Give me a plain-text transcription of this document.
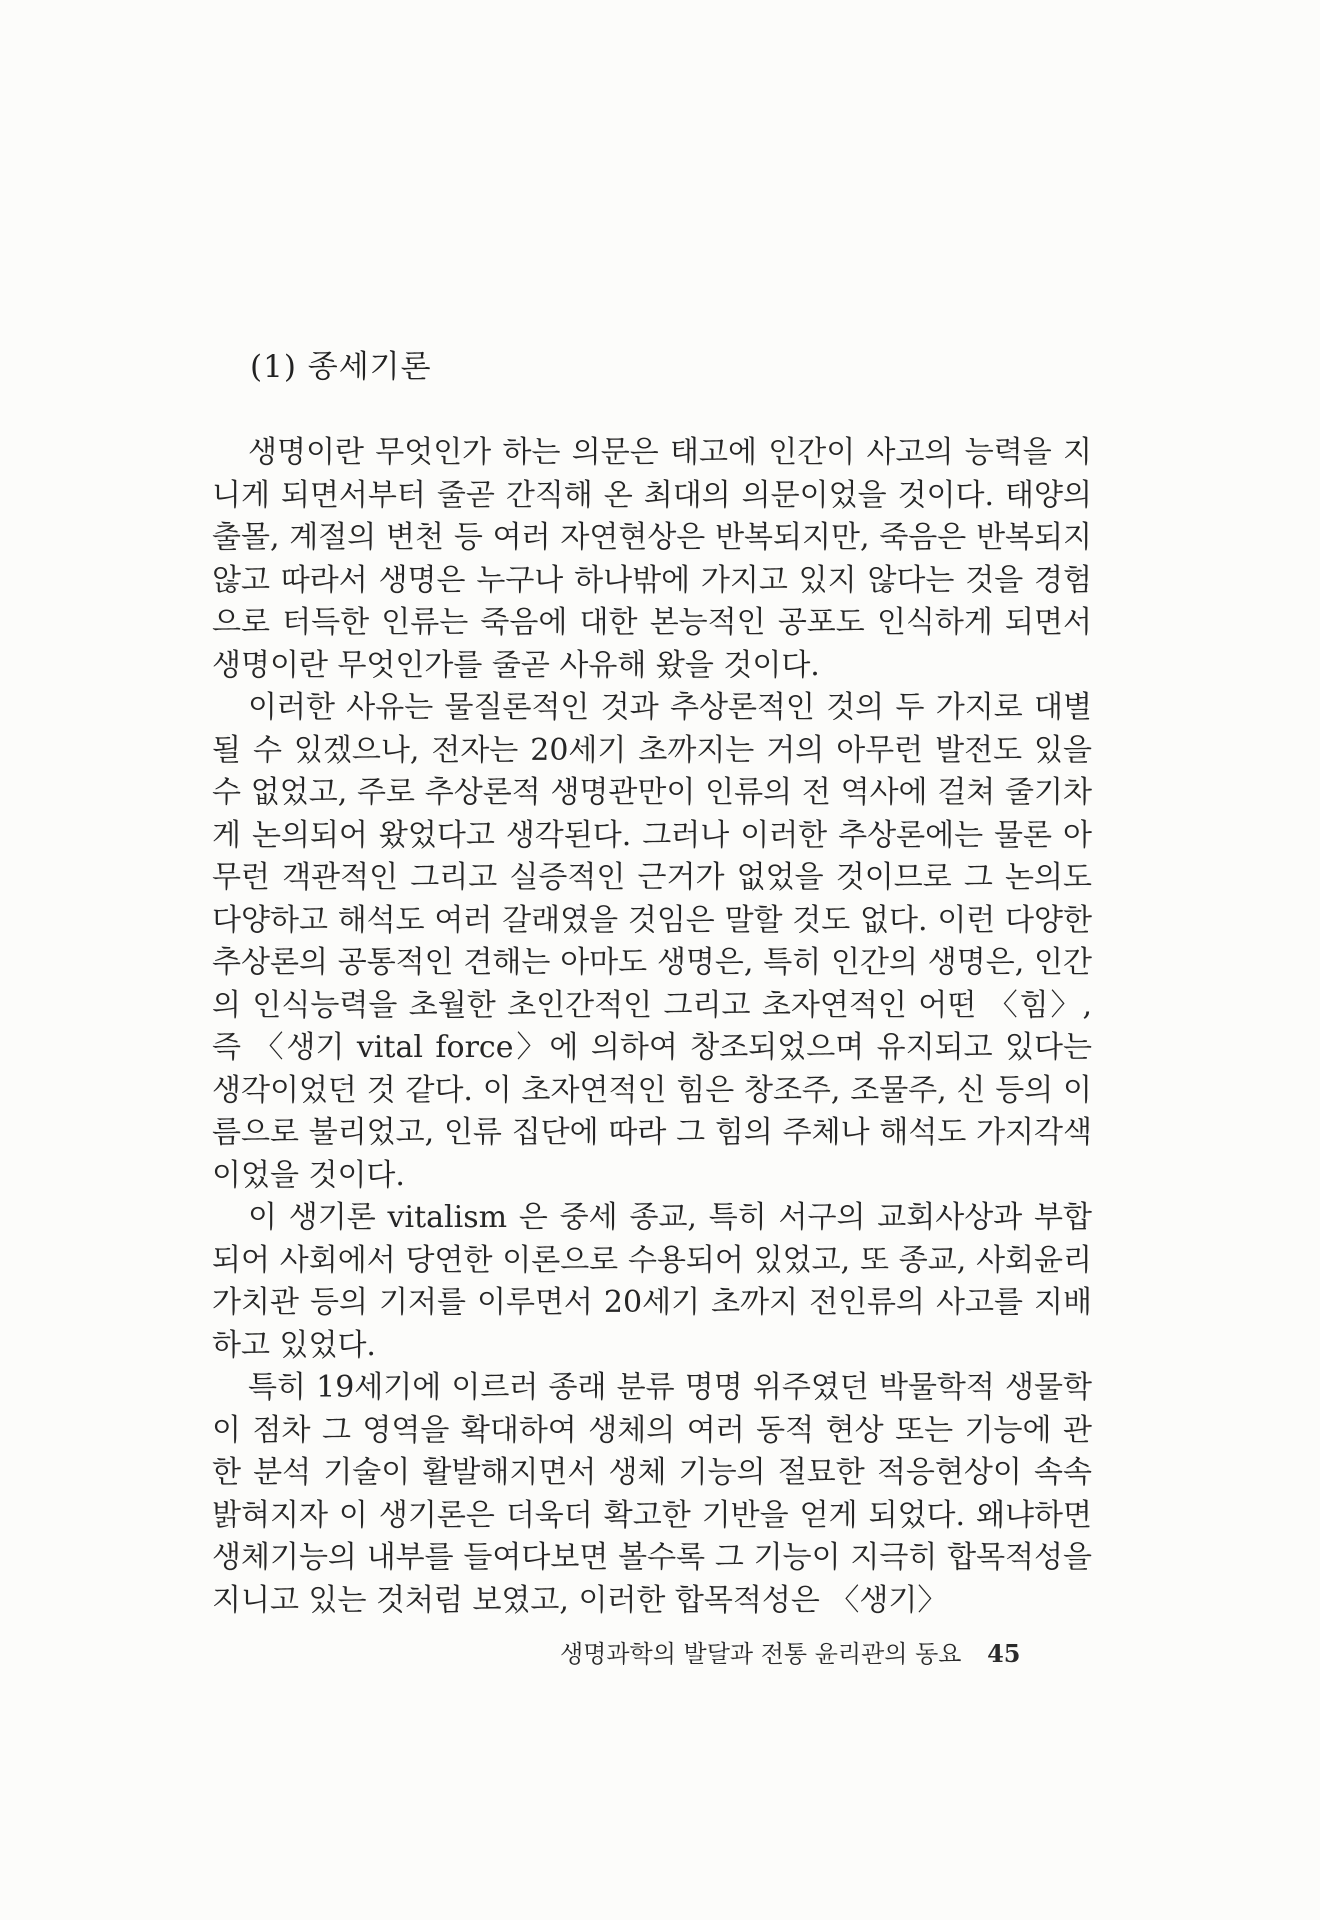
(1) 종세기론

생명이란 무엇인가 하는 의문은 태고에 인간이 사고의 능력을 지니게 되면서부터 줄곧 간직해 온 최대의 의문이었을 것이다. 태양의 출몰, 계절의 변천 등 여러 자연현상은 반복되지만, 죽음은 반복되지 않고 따라서 생명은 누구나 하나밖에 가지고 있지 않다는 것을 경험으로 터득한 인류는 죽음에 대한 본능적인 공포도 인식하게 되면서 생명이란 무엇인가를 줄곧 사유해 왔을 것이다.

이러한 사유는 물질론적인 것과 추상론적인 것의 두 가지로 대별될 수 있겠으나, 전자는 20세기 초까지는 거의 아무런 발전도 있을 수 없었고, 주로 추상론적 생명관만이 인류의 전 역사에 걸쳐 줄기차게 논의되어 왔었다고 생각된다. 그러나 이러한 추상론에는 물론 아무런 객관적인 그리고 실증적인 근거가 없었을 것이므로 그 논의도 다양하고 해석도 여러 갈래였을 것임은 말할 것도 없다. 이런 다양한 추상론의 공통적인 견해는 아마도 생명은, 특히 인간의 생명은, 인간의 인식능력을 초월한 초인간적인 그리고 초자연적인 어떤 〈힘〉, 즉 〈생기 vital force〉에 의하여 창조되었으며 유지되고 있다는 생각이었던 것 같다. 이 초자연적인 힘은 창조주, 조물주, 신 등의 이름으로 불리었고, 인류 집단에 따라 그 힘의 주체나 해석도 가지각색이었을 것이다.

이 생기론 vitalism 은 중세 종교, 특히 서구의 교회사상과 부합되어 사회에서 당연한 이론으로 수용되어 있었고, 또 종교, 사회윤리 가치관 등의 기저를 이루면서 20세기 초까지 전인류의 사고를 지배하고 있었다.

특히 19세기에 이르러 종래 분류 명명 위주였던 박물학적 생물학이 점차 그 영역을 확대하여 생체의 여러 동적 현상 또는 기능에 관한 분석 기술이 활발해지면서 생체 기능의 절묘한 적응현상이 속속 밝혀지자 이 생기론은 더욱더 확고한 기반을 얻게 되었다. 왜냐하면 생체기능의 내부를 들여다보면 볼수록 그 기능이 지극히 합목적성을 지니고 있는 것처럼 보였고, 이러한 합목적성은 〈생기〉

생명과학의 발달과 전통 윤리관의 동요 45
